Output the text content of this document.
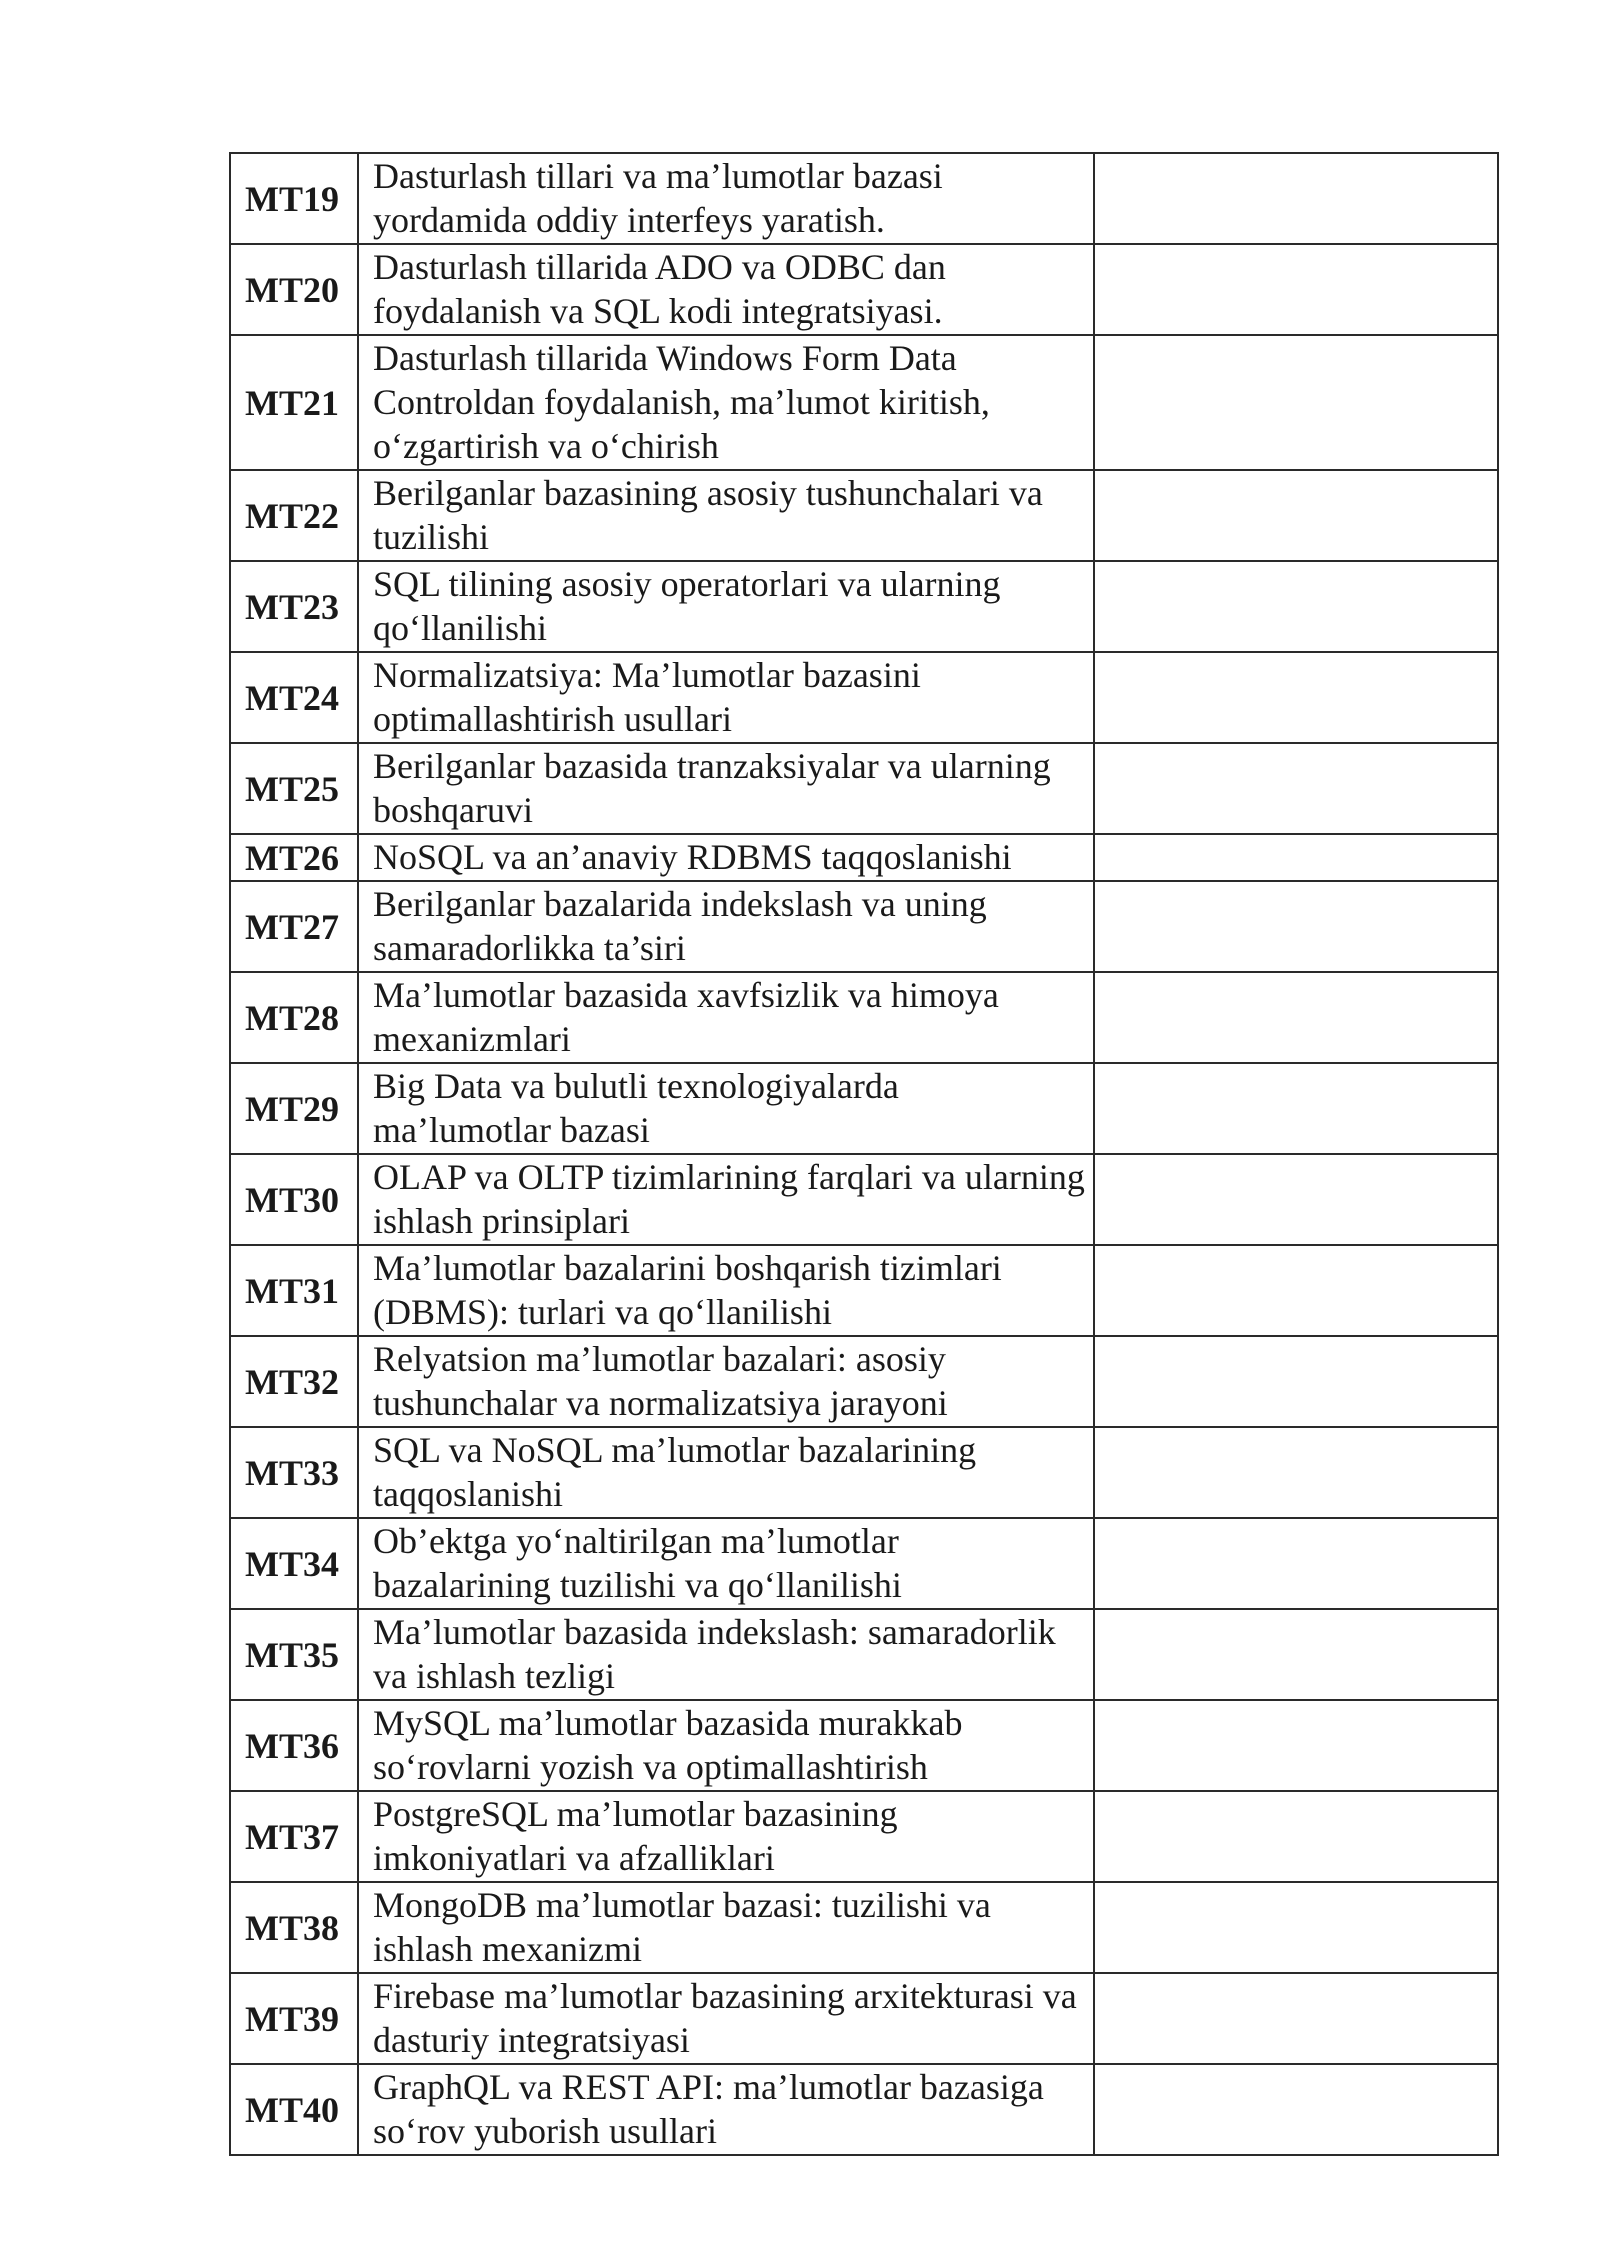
MT19	Dasturlash tillari va ma’lumotlar bazasi yordamida oddiy interfeys yaratish.	
MT20	Dasturlash tillarida ADO va ODBC dan foydalanish va SQL kodi integratsiyasi.	
MT21	Dasturlash tillarida Windows Form Data Controldan foydalanish, ma’lumot kiritish, o‘zgartirish va o‘chirish	
MT22	Berilganlar bazasining asosiy tushunchalari va tuzilishi	
MT23	SQL tilining asosiy operatorlari va ularning qo‘llanilishi	
MT24	Normalizatsiya: Ma’lumotlar bazasini optimallashtirish usullari	
MT25	Berilganlar bazasida tranzaksiyalar va ularning boshqaruvi	
MT26	NoSQL va an’anaviy RDBMS taqqoslanishi	
MT27	Berilganlar bazalarida indekslash va uning samaradorlikka ta’siri	
MT28	Ma’lumotlar bazasida xavfsizlik va himoya mexanizmlari	
MT29	Big Data va bulutli texnologiyalarda ma’lumotlar bazasi	
MT30	OLAP va OLTP tizimlarining farqlari va ularning ishlash prinsiplari	
MT31	Ma’lumotlar bazalarini boshqarish tizimlari (DBMS): turlari va qo‘llanilishi	
MT32	Relyatsion ma’lumotlar bazalari: asosiy tushunchalar va normalizatsiya jarayoni	
MT33	SQL va NoSQL ma’lumotlar bazalarining taqqoslanishi	
MT34	Ob’ektga yo‘naltirilgan ma’lumotlar bazalarining tuzilishi va qo‘llanilishi	
MT35	Ma’lumotlar bazasida indekslash: samaradorlik va ishlash tezligi	
MT36	MySQL ma’lumotlar bazasida murakkab so‘rovlarni yozish va optimallashtirish	
MT37	PostgreSQL ma’lumotlar bazasining imkoniyatlari va afzalliklari	
MT38	MongoDB ma’lumotlar bazasi: tuzilishi va ishlash mexanizmi	
MT39	Firebase ma’lumotlar bazasining arxitekturasi va dasturiy integratsiyasi	
MT40	GraphQL va REST API: ma’lumotlar bazasiga so‘rov yuborish usullari	
